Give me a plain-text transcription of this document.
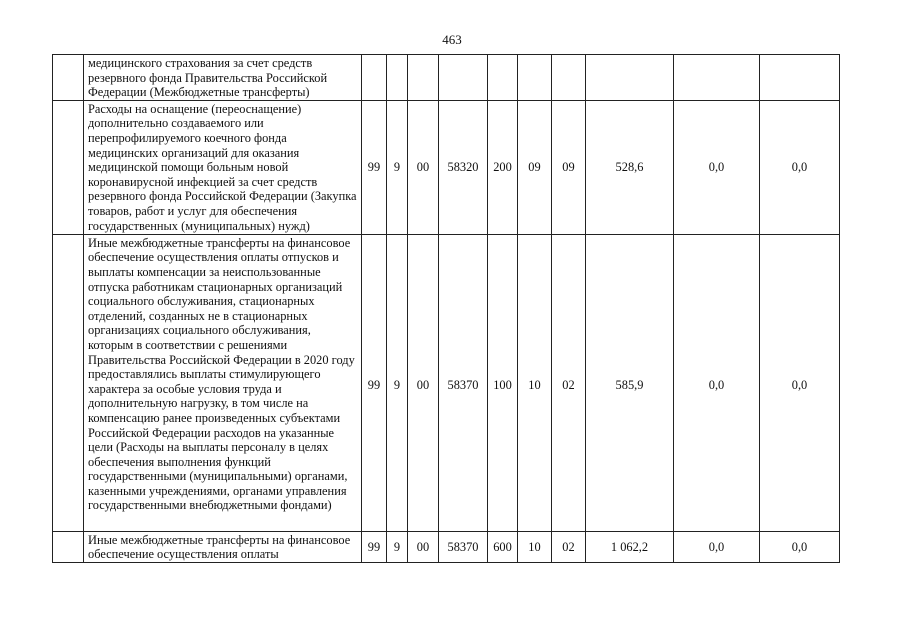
463
	медицинского страхования за счет средств резервного фонда Правительства Российской Федерации (Межбюджетные трансферты)										
	Расходы на оснащение (переоснащение) дополнительно создаваемого или перепрофилируемого коечного фонда медицинских организаций для оказания медицинской помощи больным новой коронавирусной инфекцией за счет средств резервного фонда Российской Федерации (Закупка товаров, работ и услуг для обеспечения государственных (муниципальных) нужд)	99	9	00	58320	200	09	09	528,6	0,0	0,0
	Иные межбюджетные трансферты на финансовое обеспечение осуществления оплаты отпусков и выплаты компенсации за неиспользованные отпуска работникам стационарных организаций социального обслуживания, стационарных отделений, созданных не в стационарных организациях социального обслуживания, которым в соответствии с решениями Правительства Российской Федерации в 2020 году предоставлялись выплаты стимулирующего характера за особые условия труда и дополнительную нагрузку, в том числе на компенсацию ранее произведенных субъектами Российской Федерации расходов на указанные цели (Расходы на выплаты персоналу в целях обеспечения выполнения функций государственными (муниципальными) органами, казенными учреждениями, органами управления государственными внебюджетными фондами)	99	9	00	58370	100	10	02	585,9	0,0	0,0
	Иные межбюджетные трансферты на финансовое обеспечение осуществления оплаты	99	9	00	58370	600	10	02	1 062,2	0,0	0,0
